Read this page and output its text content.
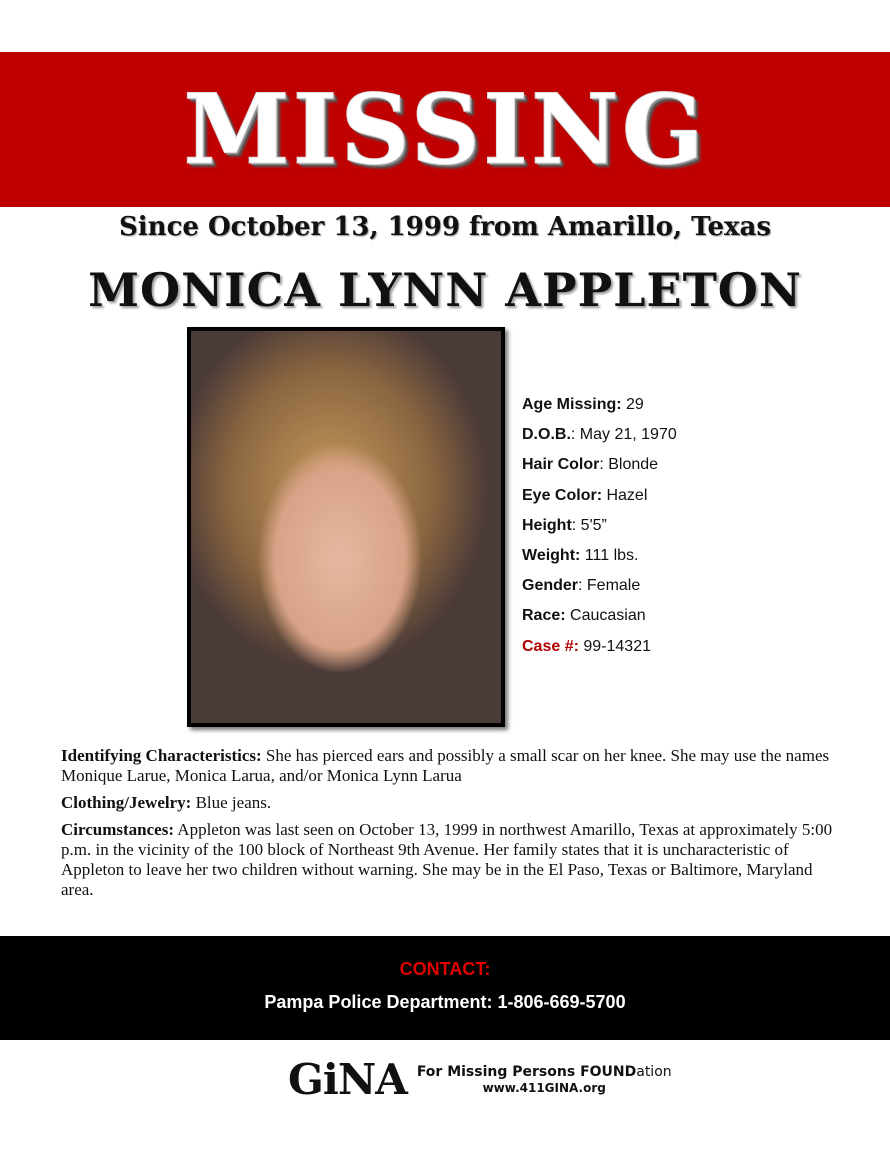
MISSING
Since October 13, 1999 from Amarillo, Texas
MONICA LYNN APPLETON
Age Missing: 29
D.O.B.: May 21, 1970
Hair Color: Blonde
Eye Color: Hazel
Height: 5'5”
Weight: 111 lbs.
Gender: Female
Race: Caucasian
Case #: 99-14321

Identifying Characteristics: She has pierced ears and possibly a small scar on her knee. She may use the names Monique Larue, Monica Larua, and/or Monica Lynn Larua

Clothing/Jewelry: Blue jeans.

Circumstances: Appleton was last seen on October 13, 1999 in northwest Amarillo, Texas at approximately 5:00 p.m. in the vicinity of the 100 block of Northeast 9th Avenue. Her family states that it is uncharacteristic of Appleton to leave her two children without warning. She may be in the El Paso, Texas or Baltimore, Maryland area.

CONTACT:
Pampa Police Department: 1-806-669-5700
GiNA For Missing Persons FOUNDation
www.411GINA.org
